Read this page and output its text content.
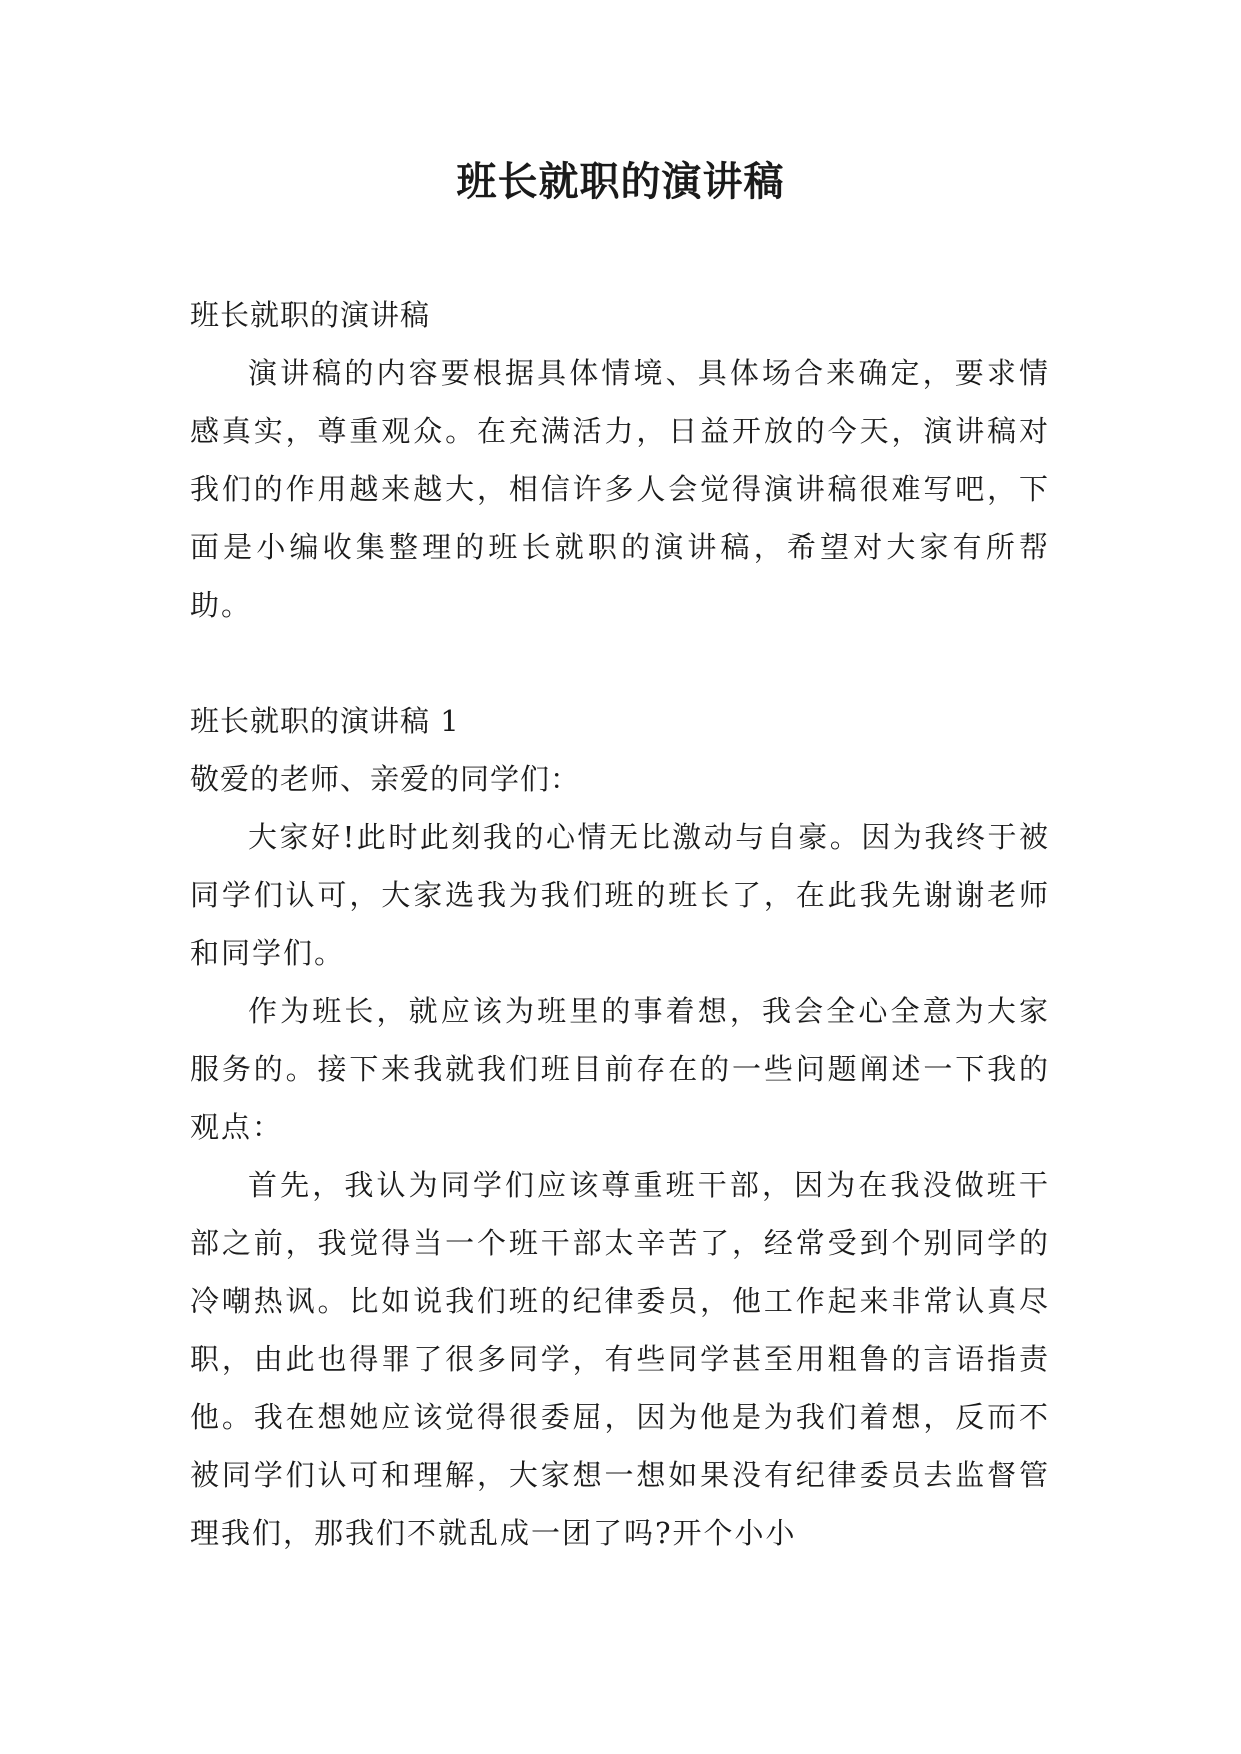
班长就职的演讲稿

班长就职的演讲稿

演讲稿的内容要根据具体情境、具体场合来确定，要求情感真实，尊重观众。在充满活力，日益开放的今天，演讲稿对我们的作用越来越大，相信许多人会觉得演讲稿很难写吧，下面是小编收集整理的班长就职的演讲稿，希望对大家有所帮助。

班长就职的演讲稿 1

敬爱的老师、亲爱的同学们：

大家好!此时此刻我的心情无比激动与自豪。因为我终于被同学们认可，大家选我为我们班的班长了，在此我先谢谢老师和同学们。

作为班长，就应该为班里的事着想，我会全心全意为大家服务的。接下来我就我们班目前存在的一些问题阐述一下我的观点：

首先，我认为同学们应该尊重班干部，因为在我没做班干部之前，我觉得当一个班干部太辛苦了，经常受到个别同学的冷嘲热讽。比如说我们班的纪律委员，他工作起来非常认真尽职，由此也得罪了很多同学，有些同学甚至用粗鲁的言语指责他。我在想她应该觉得很委屈，因为他是为我们着想，反而不被同学们认可和理解，大家想一想如果没有纪律委员去监督管理我们，那我们不就乱成一团了吗?开个小小
